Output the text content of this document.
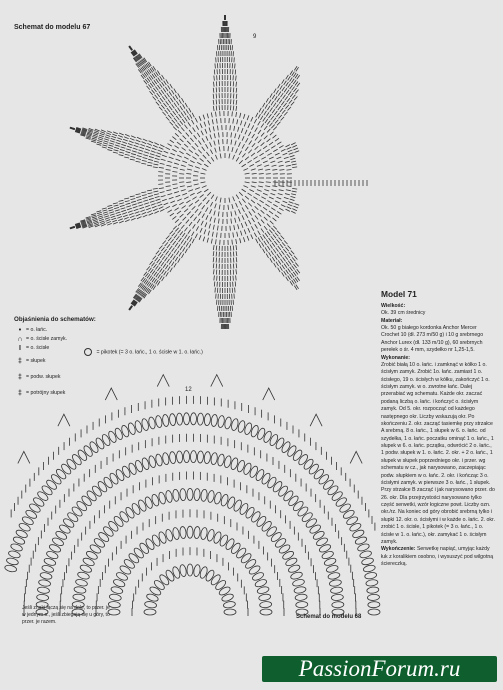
9
12
Schemat do modelu 67
Objaśnienia do schematów:
• = o. łańc.
∩ = o. ścisłe zamyk.
I = o. ścisłe
‡ = słupek
‡ = podw. słupek
‡ = potrójny słupek
= pikotek (= 3 o. łańc., 1 o. ścisłe w 1. o. łańc.)
Model 71

Wielkość:

Ok. 39 cm średnicy

Materiał:

Ok. 50 g białego kordonka Anchor Mercer Crochet 10 (dł. 273 m/50 g) i 10 g srebrnego Anchor Lurex (dł. 133 m/10 g), 60 srebrnych perełek o śr. 4 mm, szydełko nr 1,25-1,5.

Wykonanie:

Zrobić białą 10 o. łańc. i zamknąć w kółko 1 o. ścisłym zamyk. Zrobić 1o. łańc. zamiast 1 o. ścisłego, 19 o. ścisłych w kółku, zakończyć 1 o. ścisłym zamyk. w o. zwrotne łańc. Dalej przerabiać wg schematu. Każde okr. zaczać podaną liczbą o. łańc. i kończyć o. ścisłym zamyk. Od 5. okr. rozpocząć od każdego następnego okr. Liczby wskazują okr. Po skończeniu 2. okr. zacząć tasiemkę przy strzałce A srebrną. 8 o. łańc., 1 słupek w 6. o. łańc. od szydełka, 1 o. łańc. poczatku ominąć 1 o. łańc., 1 słupek w 6. o. łańc. pczątku, odwrócić 2 o. łańc., 1 podw. słupek w 1. o. łańc. 2. okr. + 2 o. łańc., 1 słupek w słupek poprzedniego okr. i przer. wg schematu w cz., jak narysowano, zaczepiając podw. słupkiem w o. łańc. 2. okr. i kończąc 3 o. ścisłymi zamyk. w pierwsze 3 o. łańc., 1 słupek. Przy strzałce B zacząć i jak narysowano przer. do 26. okr. Dla przejrzystości narysowano tylko część serwetki, wzór łogiczne powt. Liczby ozn. okr./rz. Na koniec od góry obrobić srebrną tylko i słupki 12. okr. o. ścisłymi i w każde o. łańc. 2. okr. zrobić 1 o. ścisłe, 1 pikotek (= 3 o. łańc., 1 o. ścisłe w 1. o. łańc.), okr. zamykać 1 o. ścisłym zamyk.

Wykończenie: Serwetkę napiąć, umyjąc każdy łuk z koralikiem osobno, i wysuszyć pod wilgotną ściereczką.

Jeśli znaki łączą się na dole, to przer. je w jednym o., jeśli zbiegają się u góry, to przer. je razem.
Schemat do modelu 68
PassionForum.ru
